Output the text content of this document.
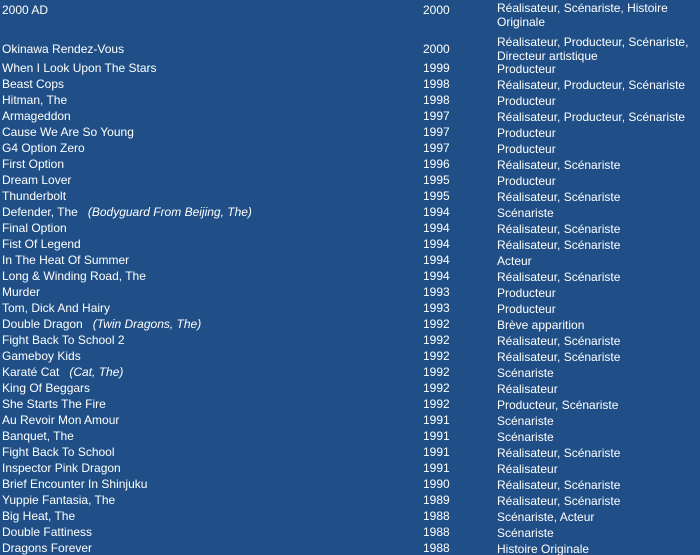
2000 AD	2000	Réalisateur, Scénariste, Histoire Originale
Okinawa Rendez-Vous	2000	Réalisateur, Producteur, Scénariste, Directeur artistique
When I Look Upon The Stars	1999	Producteur
Beast Cops	1998	Réalisateur, Producteur, Scénariste
Hitman, The	1998	Producteur
Armageddon	1997	Réalisateur, Producteur, Scénariste
Cause We Are So Young	1997	Producteur
G4 Option Zero	1997	Producteur
First Option	1996	Réalisateur, Scénariste
Dream Lover	1995	Producteur
Thunderbolt	1995	Réalisateur, Scénariste
Defender, The (Bodyguard From Beijing, The)	1994	Scénariste
Final Option	1994	Réalisateur, Scénariste
Fist Of Legend	1994	Réalisateur, Scénariste
In The Heat Of Summer	1994	Acteur
Long & Winding Road, The	1994	Réalisateur, Scénariste
Murder	1993	Producteur
Tom, Dick And Hairy	1993	Producteur
Double Dragon (Twin Dragons, The)	1992	Brève apparition
Fight Back To School 2	1992	Réalisateur, Scénariste
Gameboy Kids	1992	Réalisateur, Scénariste
Karaté Cat (Cat, The)	1992	Scénariste
King Of Beggars	1992	Réalisateur
She Starts The Fire	1992	Producteur, Scénariste
Au Revoir Mon Amour	1991	Scénariste
Banquet, The	1991	Scénariste
Fight Back To School	1991	Réalisateur, Scénariste
Inspector Pink Dragon	1991	Réalisateur
Brief Encounter In Shinjuku	1990	Réalisateur, Scénariste
Yuppie Fantasia, The	1989	Réalisateur, Scénariste
Big Heat, The	1988	Scénariste, Acteur
Double Fattiness	1988	Scénariste
Dragons Forever	1988	Histoire Originale
